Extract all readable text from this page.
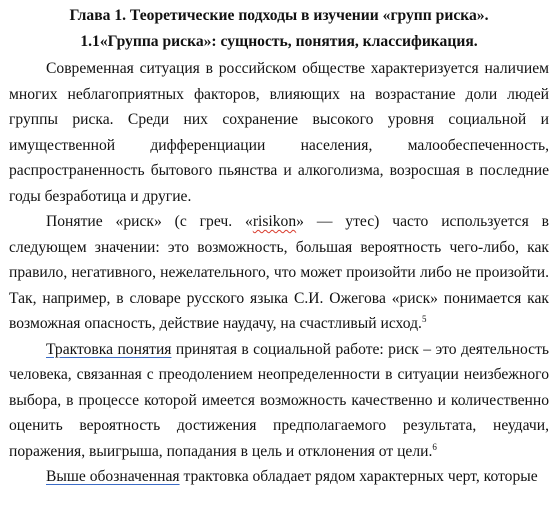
Глава 1. Теоретические подходы в изучении «групп риска».

1.1«Группа риска»: сущность, понятия, классификация.

Современная ситуация в российском обществе характеризуется наличием многих неблагоприятных факторов, влияющих на возрастание доли людей группы риска. Среди них сохранение высокого уровня социальной и имущественной дифференциации населения, малообеспеченность, распространенность бытового пьянства и алкоголизма, возросшая в последние годы безработица и другие.

Понятие «риск» (с греч. «risikon» — утес) часто используется в следующем значении: это возможность, большая вероятность чего-либо, как правило, негативного, нежелательного, что может произойти либо не произойти. Так, например, в словаре русского языка С.И. Ожегова «риск» понимается как возможная опасность, действие наудачу, на счастливый исход.$^5$

Трактовка понятия принятая в социальной работе: риск – это деятельность человека, связанная с преодолением неопределенности в ситуации неизбежного выбора, в процессе которой имеется возможность качественно и количественно оценить вероятность достижения предполагаемого результата, неудачи, поражения, выигрыша, попадания в цель и отклонения от цели.$^6$

Выше обозначенная трактовка обладает рядом характерных черт, которые
